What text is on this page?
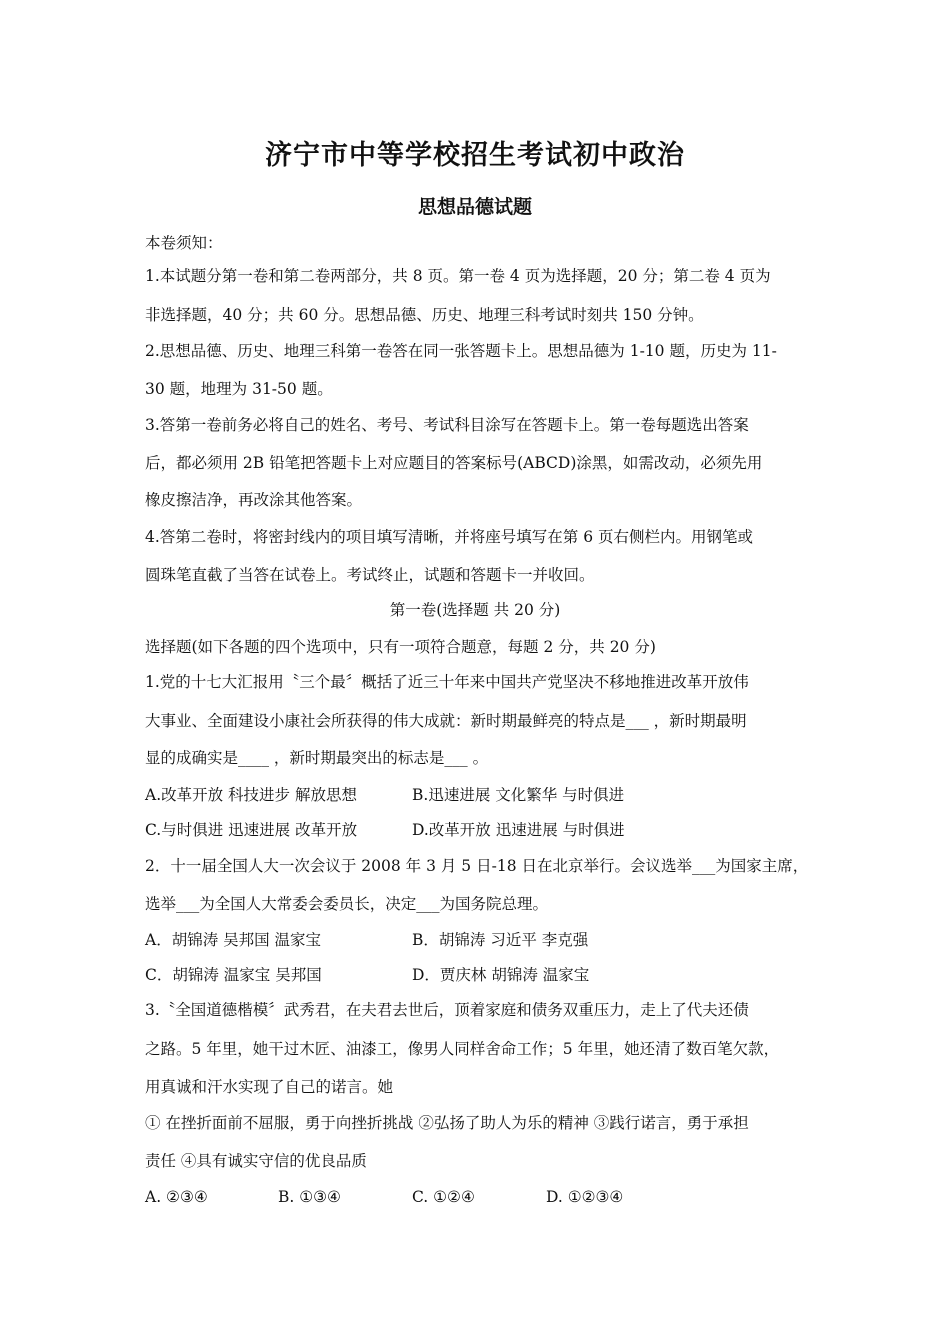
济宁市中等学校招生考试初中政治
思想品德试题
本卷须知：
1.本试题分第一卷和第二卷两部分，共 8 页。第一卷 4 页为选择题，20 分；第二卷 4 页为
非选择题，40 分；共 60 分。思想品德、历史、地理三科考试时刻共 150 分钟。
2.思想品德、历史、地理三科第一卷答在同一张答题卡上。思想品德为 1-10 题，历史为 11-
30 题，地理为 31-50 题。
3.答第一卷前务必将自己的姓名、考号、考试科目涂写在答题卡上。第一卷每题选出答案
后，都必须用 2B 铅笔把答题卡上对应题目的答案标号(ABCD)涂黑，如需改动，必须先用
橡皮擦洁净，再改涂其他答案。
4.答第二卷时，将密封线内的项目填写清晰，并将座号填写在第 6 页右侧栏内。用钢笔或
圆珠笔直截了当答在试卷上。考试终止，试题和答题卡一并收回。
第一卷(选择题 共 20 分)
选择题(如下各题的四个选项中，只有一项符合题意，每题 2 分，共 20 分)
1.党的十七大汇报用〝三个最〞概括了近三十年来中国共产党坚决不移地推进改革开放伟
大事业、全面建设小康社会所获得的伟大成就：新时期最鲜亮的特点是___ ，新时期最明
显的成确实是____ ，新时期最突出的标志是___ 。
A.改革开放 科技进步 解放思想	B.迅速进展 文化繁华 与时俱进
C.与时俱进 迅速进展 改革开放	D.改革开放 迅速进展 与时俱进
2．十一届全国人大一次会议于 2008 年 3 月 5 日-18 日在北京举行。会议选举___为国家主席，
选举___为全国人大常委会委员长，决定___为国务院总理。
A．胡锦涛 吴邦国 温家宝	B．胡锦涛 习近平 李克强
C．胡锦涛 温家宝 吴邦国	D．贾庆林 胡锦涛 温家宝
3.〝全国道德楷模〞武秀君，在夫君去世后，顶着家庭和债务双重压力，走上了代夫还债
之路。5 年里，她干过木匠、油漆工，像男人同样舍命工作；5 年里，她还清了数百笔欠款，
用真诚和汗水实现了自己的诺言。她
① 在挫折面前不屈服，勇于向挫折挑战 ②弘扬了助人为乐的精神 ③践行诺言，勇于承担
责任 ④具有诚实守信的优良品质
A. ②③④	B. ①③④	C. ①②④	D. ①②③④
